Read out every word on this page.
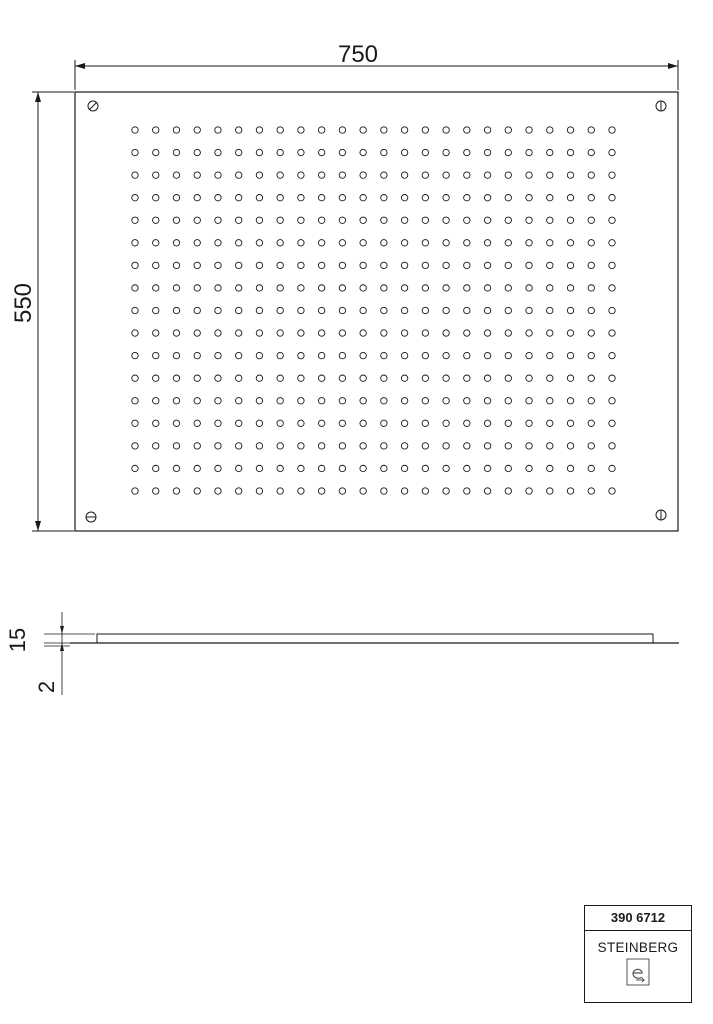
750
550
15
2
390 6712
STEINBERG
